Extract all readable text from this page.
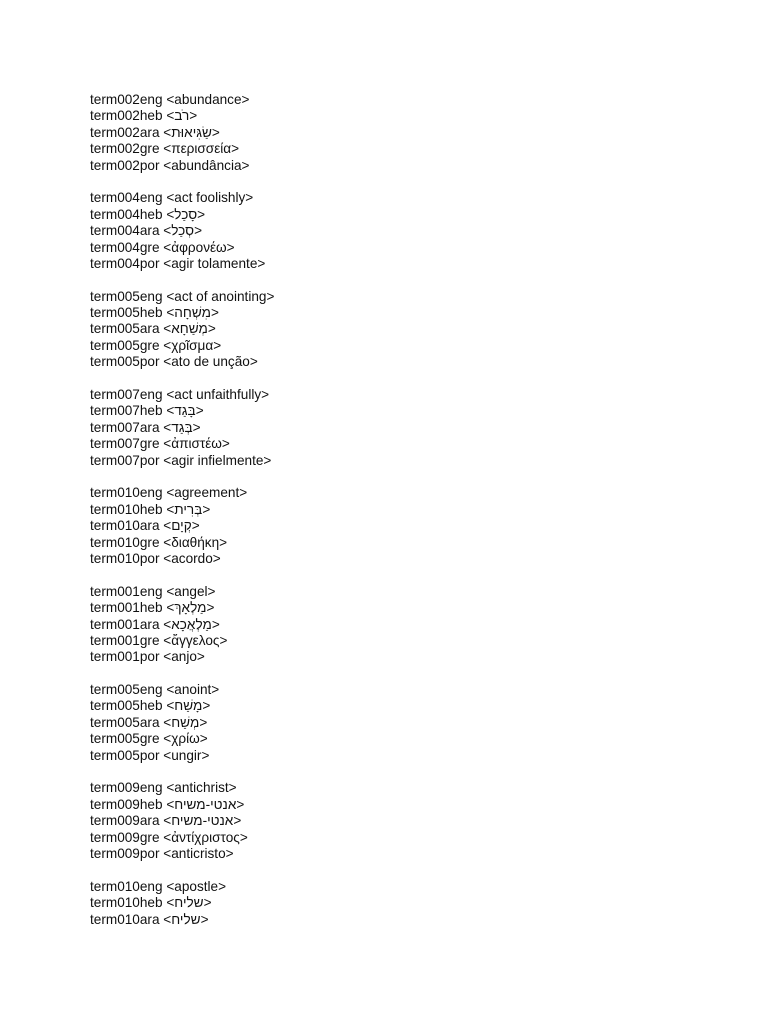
term002eng <abundance>
term002heb <רֹב>
term002ara <שַׂגִּיאוּת>
term002gre <περισσεία>
term002por <abundância>
term004eng <act foolishly>
term004heb <סָכַל>
term004ara <סְכַל>
term004gre <ἀφρονέω>
term004por <agir tolamente>
term005eng <act of anointing>
term005heb <מִשְׁחָה>
term005ara <מְשַׁחָא>
term005gre <χρῖσμα>
term005por <ato de unção>
term007eng <act unfaithfully>
term007heb <בָּגַד>
term007ara <בְּגַד>
term007gre <ἀπιστέω>
term007por <agir infielmente>
term010eng <agreement>
term010heb <בְּרִית>
term010ara <קְיָם>
term010gre <διαθήκη>
term010por <acordo>
term001eng <angel>
term001heb <מַלְאָךְ>
term001ara <מַלְאֲכָא>
term001gre <ἄγγελος>
term001por <anjo>
term005eng <anoint>
term005heb <מָשַׁח>
term005ara <מְשַׁח>
term005gre <χρίω>
term005por <ungir>
term009eng <antichrist>
term009heb <אנטי-משיח>
term009ara <אנטי-משיח>
term009gre <ἀντίχριστος>
term009por <anticristo>
term010eng <apostle>
term010heb <שליח>
term010ara <שליח>
